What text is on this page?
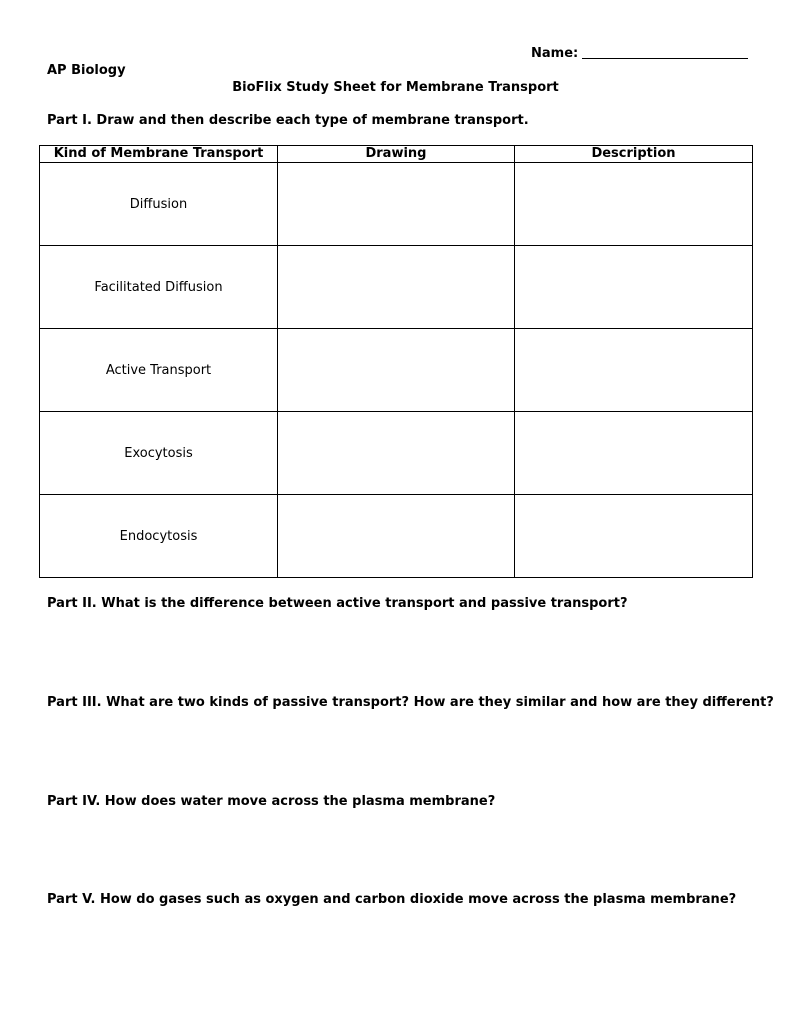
Name:
AP Biology
BioFlix Study Sheet for Membrane Transport
Part I. Draw and then describe each type of membrane transport.
Kind of Membrane Transport	Drawing	Description
Diffusion		
Facilitated Diffusion		
Active Transport		
Exocytosis		
Endocytosis		
Part II. What is the difference between active transport and passive transport?
Part III. What are two kinds of passive transport? How are they similar and how are they different?
Part IV. How does water move across the plasma membrane?
Part V. How do gases such as oxygen and carbon dioxide move across the plasma membrane?
